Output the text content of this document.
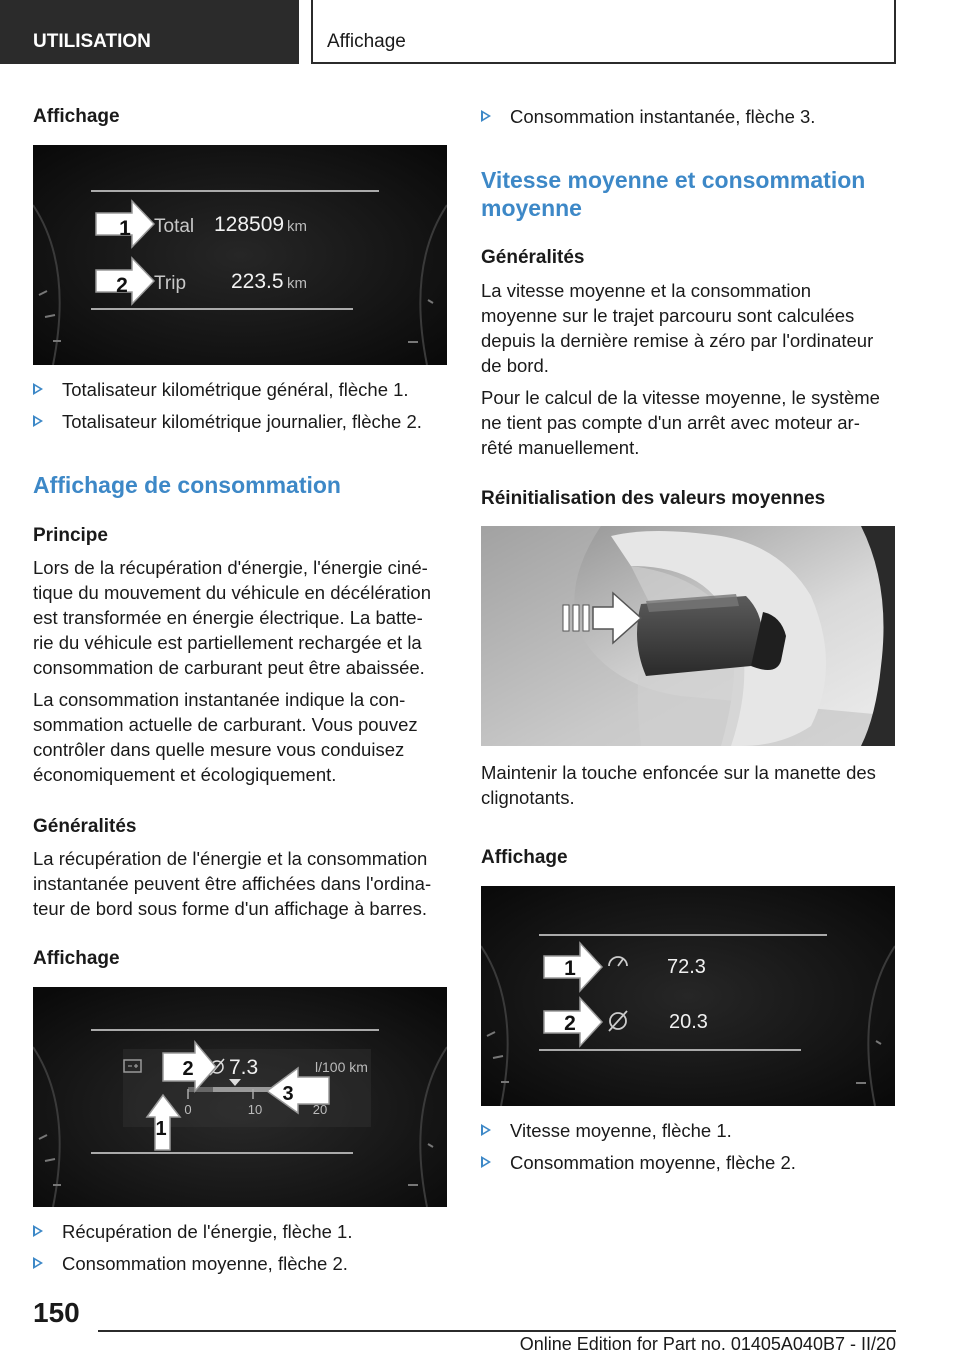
UTILISATION	Affichage
Affichage
1
2
Total 128509 km
Trip 223.5 km
Totalisateur kilométrique général, flèche 1.
Totalisateur kilométrique journalier, flèche 2.
Affichage de consommation
Principe

Lors de la récupération d'énergie, l'énergie ciné-

tique du mouvement du véhicule en décélération

est transformée en énergie électrique. La batte-

rie du véhicule est partiellement rechargée et la

consommation de carburant peut être abaissée.

La consommation instantanée indique la con-

sommation actuelle de carburant. Vous pouvez

contrôler dans quelle mesure vous conduisez

économiquement et écologiquement.

Généralités

La récupération de l'énergie et la consommation

instantanée peuvent être affichées dans l'ordina-

teur de bord sous forme d'un affichage à barres.

Affichage
7.3	l/100 km
0	10	20
1
2
3
Récupération de l'énergie, flèche 1.
Consommation moyenne, flèche 2.
Consommation instantanée, flèche 3.
Vitesse moyenne et consommation
moyenne
Généralités

La vitesse moyenne et la consommation

moyenne sur le trajet parcouru sont calculées

depuis la dernière remise à zéro par l'ordinateur

de bord.

Pour le calcul de la vitesse moyenne, le système

ne tient pas compte d'un arrêt avec moteur ar-

rêté manuellement.

Réinitialisation des valeurs moyennes

Maintenir la touche enfoncée sur la manette des

clignotants.

Affichage
1
2
72.3
20.3
Vitesse moyenne, flèche 1.
Consommation moyenne, flèche 2.
150
Online Edition for Part no. 01405A040B7 - II/20
